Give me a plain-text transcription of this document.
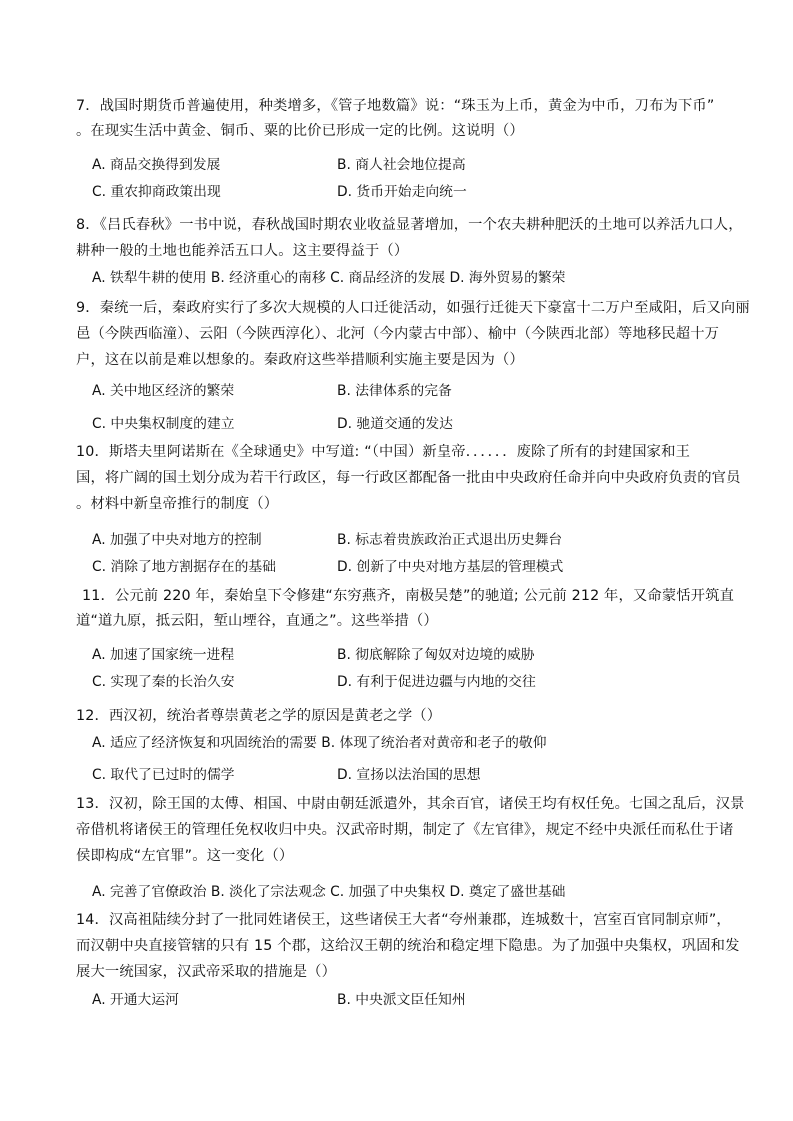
7．战国时期货币普遍使用，种类增多，《管子地数篇》说：“珠玉为上币，黄金为中币，刀布为下币”
。在现实生活中黄金、铜币、粟的比价已形成一定的比例。这说明（）
A. 商品交换得到发展	B. 商人社会地位提高
C. 重农抑商政策出现	D. 货币开始走向统一
8．《吕氏春秋》一书中说，春秋战国时期农业收益显著增加，一个农夫耕种肥沃的土地可以养活九口人，
耕种一般的土地也能养活五口人。这主要得益于（）
A. 铁犁牛耕的使用 B. 经济重心的南移 C. 商品经济的发展 D. 海外贸易的繁荣
9．秦统一后，秦政府实行了多次大规模的人口迁徙活动，如强行迁徙天下豪富十二万户至咸阳，后又向丽
邑（今陕西临潼）、云阳（今陕西淳化）、北河（今内蒙古中部）、榆中（今陕西北部）等地移民超十万
户，这在以前是难以想象的。秦政府这些举措顺利实施主要是因为（）
A. 关中地区经济的繁荣	B. 法律体系的完备
C. 中央集权制度的建立	D. 驰道交通的发达
10．斯塔夫里阿诺斯在《全球通史》中写道: “（中国）新皇帝．．．．．．废除了所有的封建国家和王
国，将广阔的国土划分成为若干行政区，每一行政区都配备一批由中央政府任命并向中央政府负责的官员
。材料中新皇帝推行的制度（）
A. 加强了中央对地方的控制	B. 标志着贵族政治正式退出历史舞台
C. 消除了地方割据存在的基础	D. 创新了中央对地方基层的管理模式
11．公元前 220 年，秦始皇下令修建“东穷燕齐，南极吴楚”的驰道; 公元前 212 年，又命蒙恬开筑直
道“道九原，抵云阳，堑山堙谷，直通之”。这些举措（）
A. 加速了国家统一进程	B. 彻底解除了匈奴对边境的威胁
C. 实现了秦的长治久安	D. 有利于促进边疆与内地的交往
12．西汉初，统治者尊崇黄老之学的原因是黄老之学（）
A. 适应了经济恢复和巩固统治的需要 B. 体现了统治者对黄帝和老子的敬仰
C. 取代了已过时的儒学	D. 宣扬以法治国的思想
13．汉初，除王国的太傅、相国、中尉由朝廷派遣外，其余百官，诸侯王均有权任免。七国之乱后，汉景
帝借机将诸侯王的管理任免权收归中央。汉武帝时期，制定了《左官律》，规定不经中央派任而私仕于诸
侯即构成“左官罪”。这一变化（）
A. 完善了官僚政治 B. 淡化了宗法观念 C. 加强了中央集权 D. 奠定了盛世基础
14．汉高祖陆续分封了一批同姓诸侯王，这些诸侯王大者“夸州兼郡，连城数十，宫室百官同制京师”，
而汉朝中央直接管辖的只有 15 个郡，这给汉王朝的统治和稳定埋下隐患。为了加强中央集权，巩固和发
展大一统国家，汉武帝采取的措施是（）
A. 开通大运河	B. 中央派文臣任知州
